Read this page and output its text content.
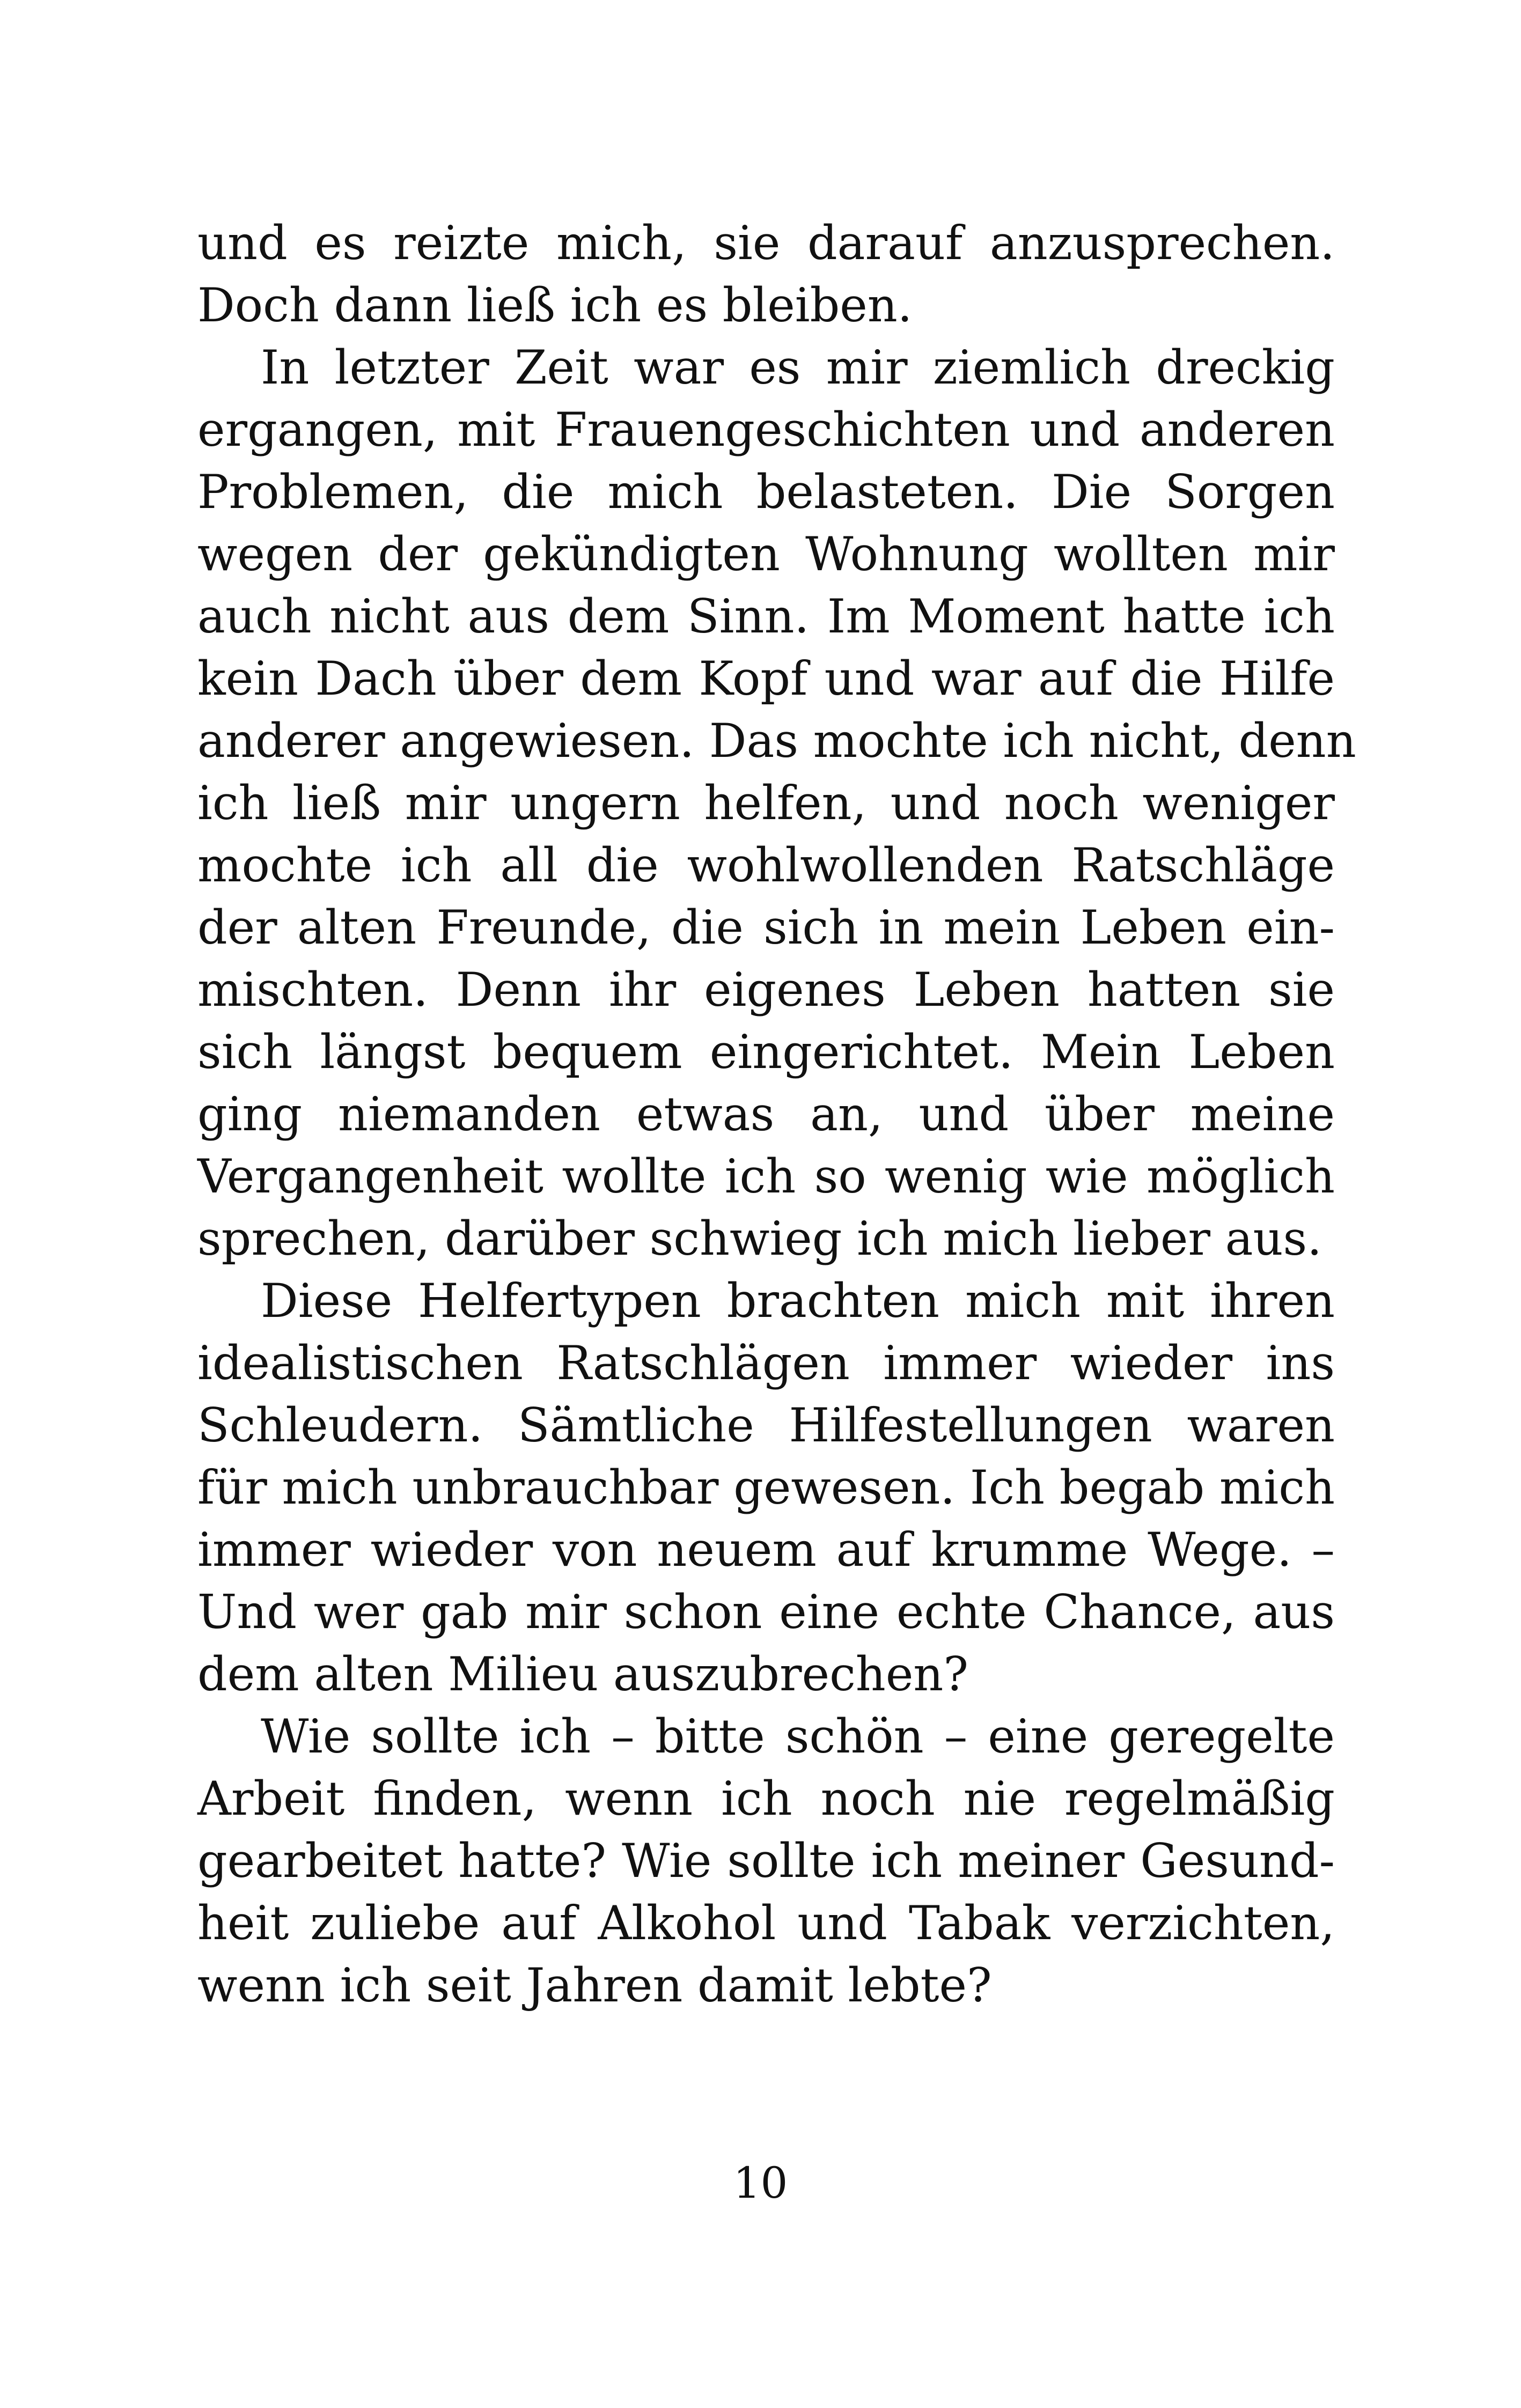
und es reizte mich, sie darauf anzusprechen.
Doch dann ließ ich es bleiben.
In letzter Zeit war es mir ziemlich dreckig
ergangen, mit Frauengeschichten und anderen
Problemen, die mich belasteten. Die Sorgen
wegen der gekündigten Wohnung wollten mir
auch nicht aus dem Sinn. Im Moment hatte ich
kein Dach über dem Kopf und war auf die Hilfe
anderer angewiesen. Das mochte ich nicht, denn
ich ließ mir ungern helfen, und noch weniger
mochte ich all die wohlwollenden Ratschläge
der alten Freunde, die sich in mein Leben ein-
mischten. Denn ihr eigenes Leben hatten sie
sich längst bequem eingerichtet. Mein Leben
ging niemanden etwas an, und über meine
Vergangenheit wollte ich so wenig wie möglich
sprechen, darüber schwieg ich mich lieber aus.
Diese Helfertypen brachten mich mit ihren
idealistischen Ratschlägen immer wieder ins
Schleudern. Sämtliche Hilfestellungen waren
für mich unbrauchbar gewesen. Ich begab mich
immer wieder von neuem auf krumme Wege. –
Und wer gab mir schon eine echte Chance, aus
dem alten Milieu auszubrechen?
Wie sollte ich – bitte schön – eine geregelte
Arbeit finden, wenn ich noch nie regelmäßig
gearbeitet hatte? Wie sollte ich meiner Gesund-
heit zuliebe auf Alkohol und Tabak verzichten,
wenn ich seit Jahren damit lebte?
10
